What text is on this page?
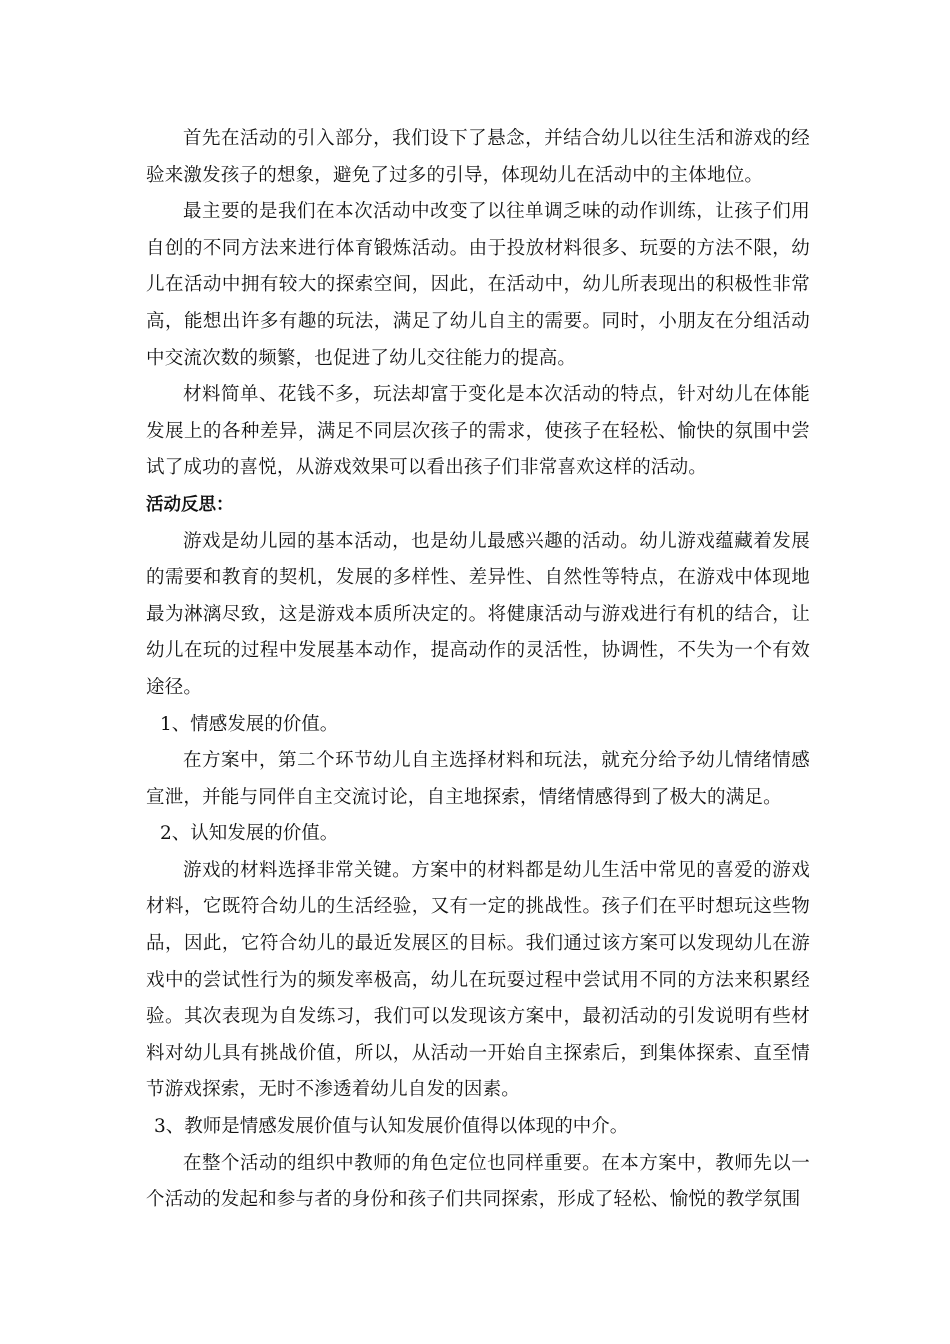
首先在活动的引入部分，我们设下了悬念，并结合幼儿以往生活和游戏的经验来激发孩子的想象，避免了过多的引导，体现幼儿在活动中的主体地位。

最主要的是我们在本次活动中改变了以往单调乏味的动作训练，让孩子们用自创的不同方法来进行体育锻炼活动。由于投放材料很多、玩耍的方法不限，幼儿在活动中拥有较大的探索空间，因此，在活动中，幼儿所表现出的积极性非常高，能想出许多有趣的玩法，满足了幼儿自主的需要。同时，小朋友在分组活动中交流次数的频繁，也促进了幼儿交往能力的提高。

材料简单、花钱不多，玩法却富于变化是本次活动的特点，针对幼儿在体能发展上的各种差异，满足不同层次孩子的需求，使孩子在轻松、愉快的氛围中尝试了成功的喜悦，从游戏效果可以看出孩子们非常喜欢这样的活动。

活动反思：

游戏是幼儿园的基本活动，也是幼儿最感兴趣的活动。幼儿游戏蕴藏着发展的需要和教育的契机，发展的多样性、差异性、自然性等特点，在游戏中体现地最为淋漓尽致，这是游戏本质所决定的。将健康活动与游戏进行有机的结合，让幼儿在玩的过程中发展基本动作，提高动作的灵活性，协调性，不失为一个有效途径。

1、情感发展的价值。

在方案中，第二个环节幼儿自主选择材料和玩法，就充分给予幼儿情绪情感宣泄，并能与同伴自主交流讨论，自主地探索，情绪情感得到了极大的满足。

2、认知发展的价值。

游戏的材料选择非常关键。方案中的材料都是幼儿生活中常见的喜爱的游戏材料，它既符合幼儿的生活经验，又有一定的挑战性。孩子们在平时想玩这些物品，因此，它符合幼儿的最近发展区的目标。我们通过该方案可以发现幼儿在游戏中的尝试性行为的频发率极高，幼儿在玩耍过程中尝试用不同的方法来积累经验。其次表现为自发练习，我们可以发现该方案中，最初活动的引发说明有些材料对幼儿具有挑战价值，所以，从活动一开始自主探索后，到集体探索、直至情节游戏探索，无时不渗透着幼儿自发的因素。

3、教师是情感发展价值与认知发展价值得以体现的中介。

在整个活动的组织中教师的角色定位也同样重要。在本方案中，教师先以一个活动的发起和参与者的身份和孩子们共同探索，形成了轻松、愉悦的教学氛围
